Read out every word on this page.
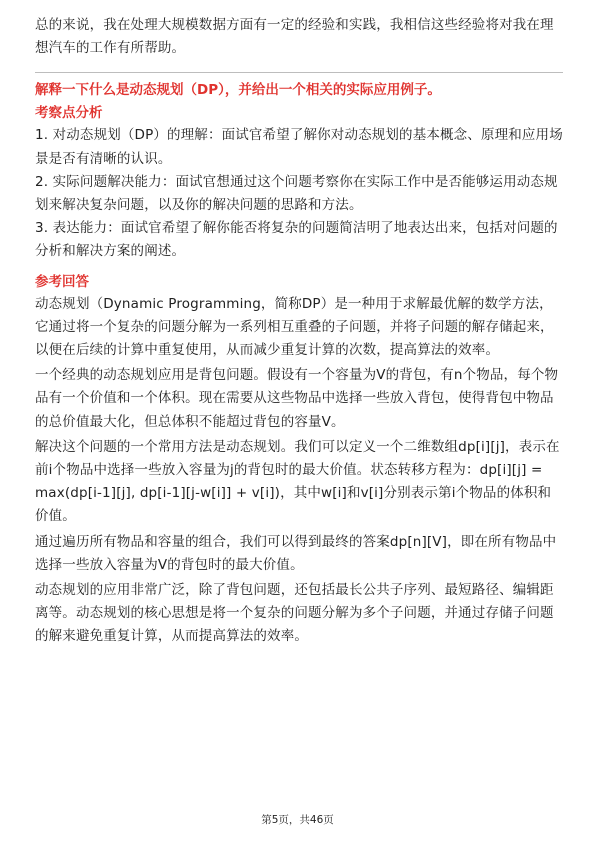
总的来说，我在处理大规模数据方面有一定的经验和实践，我相信这些经验将对我在理想汽车的工作有所帮助。

解释一下什么是动态规划（DP），并给出一个相关的实际应用例子。
考察点分析

1. 对动态规划（DP）的理解：面试官希望了解你对动态规划的基本概念、原理和应用场景是否有清晰的认识。

2. 实际问题解决能力：面试官想通过这个问题考察你在实际工作中是否能够运用动态规划来解决复杂问题，以及你的解决问题的思路和方法。

3. 表达能力：面试官希望了解你能否将复杂的问题简洁明了地表达出来，包括对问题的分析和解决方案的阐述。

参考回答

动态规划（Dynamic Programming，简称DP）是一种用于求解最优解的数学方法，它通过将一个复杂的问题分解为一系列相互重叠的子问题，并将子问题的解存储起来，以便在后续的计算中重复使用，从而减少重复计算的次数，提高算法的效率。

一个经典的动态规划应用是背包问题。假设有一个容量为V的背包，有n个物品，每个物品有一个价值和一个体积。现在需要从这些物品中选择一些放入背包，使得背包中物品的总价值最大化，但总体积不能超过背包的容量V。

解决这个问题的一个常用方法是动态规划。我们可以定义一个二维数组dp[i][j]，表示在前i个物品中选择一些放入容量为j的背包时的最大价值。状态转移方程为：dp[i][j] = max(dp[i-1][j], dp[i-1][j-w[i]] + v[i])，其中w[i]和v[i]分别表示第i个物品的体积和价值。

通过遍历所有物品和容量的组合，我们可以得到最终的答案dp[n][V]，即在所有物品中选择一些放入容量为V的背包时的最大价值。

动态规划的应用非常广泛，除了背包问题，还包括最长公共子序列、最短路径、编辑距离等。动态规划的核心思想是将一个复杂的问题分解为多个子问题，并通过存储子问题的解来避免重复计算，从而提高算法的效率。

第5页，共46页
